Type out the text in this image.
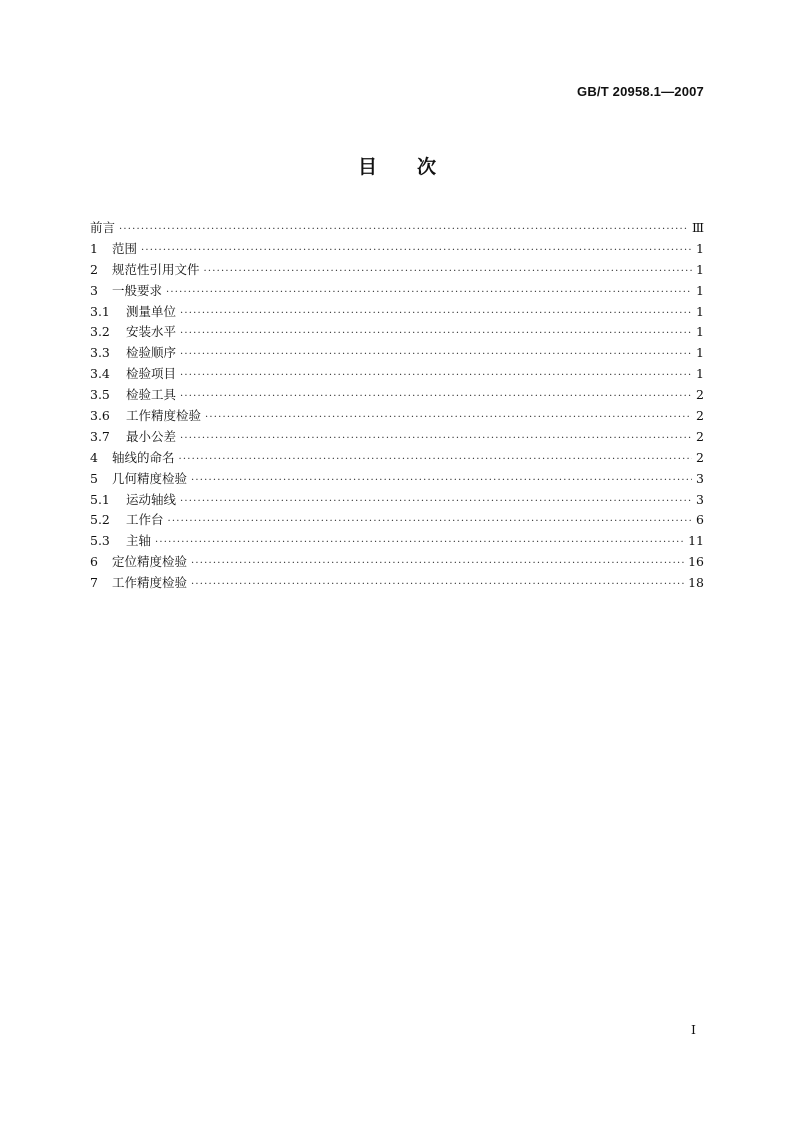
GB/T 20958.1—2007
目 次
前言 ·····	Ⅲ
1	范围 ·····	1
2	规范性引用文件 ·····	1
3	一般要求 ·····	1
3.1	测量单位 ·····	1
3.2	安装水平 ·····	1
3.3	检验顺序 ·····	1
3.4	检验项目 ·····	1
3.5	检验工具 ·····	2
3.6	工作精度检验 ·····	2
3.7	最小公差 ·····	2
4	轴线的命名 ·····	2
5	几何精度检验 ·····	3
5.1	运动轴线 ·····	3
5.2	工作台 ·····	6
5.3	主轴 ·····	11
6	定位精度检验 ·····	16
7	工作精度检验 ·····	18
Ⅰ
